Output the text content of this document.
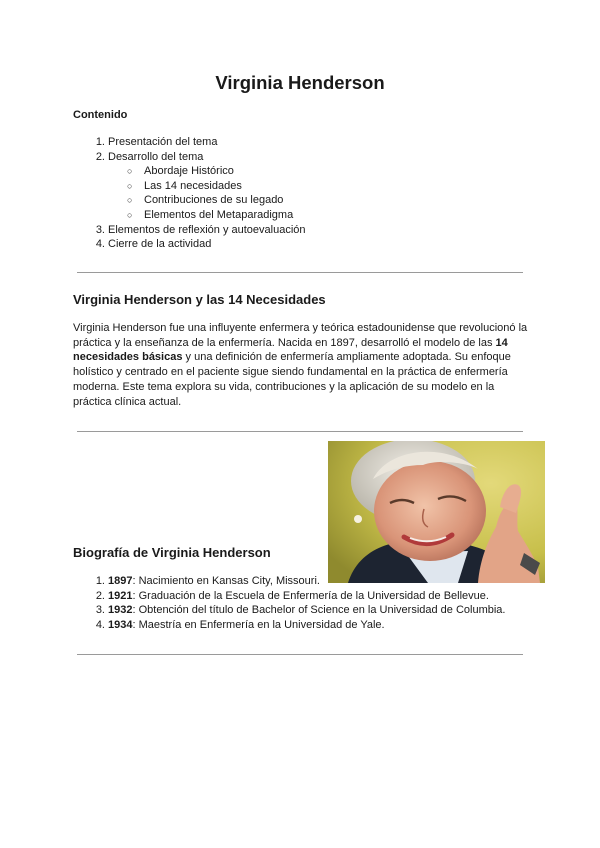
Virginia Henderson
Contenido
1. Presentación del tema
2. Desarrollo del tema
○ Abordaje Histórico
○ Las 14 necesidades
○ Contribuciones de su legado
○ Elementos del Metaparadigma
3. Elementos de reflexión y autoevaluación
4. Cierre de la actividad
Virginia Henderson y las 14 Necesidades

Virginia Henderson fue una influyente enfermera y teórica estadounidense que revolucionó la práctica y la enseñanza de la enfermería. Nacida en 1897, desarrolló el modelo de las 14 necesidades básicas y una definición de enfermería ampliamente adoptada. Su enfoque holístico y centrado en el paciente sigue siendo fundamental en la práctica de enfermería moderna. Este tema explora su vida, contribuciones y la aplicación de su modelo en la práctica clínica actual.

Biografía de Virginia Henderson
1. 1897: Nacimiento en Kansas City, Missouri.
2. 1921: Graduación de la Escuela de Enfermería de la Universidad de Bellevue.
3. 1932: Obtención del título de Bachelor of Science en la Universidad de Columbia.
4. 1934: Maestría en Enfermería en la Universidad de Yale.
